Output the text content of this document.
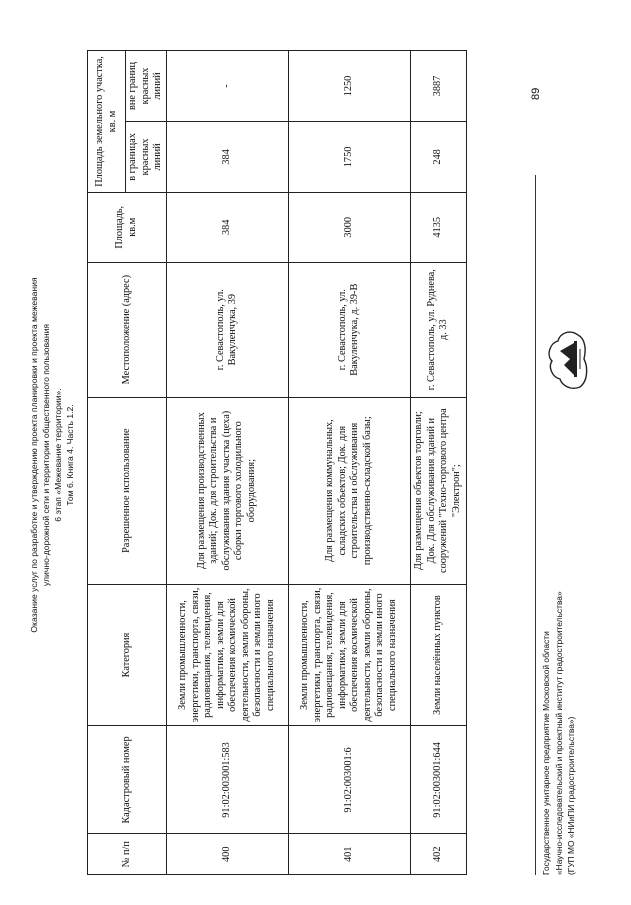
Оказание услуг по разработке и утверждению проекта планировки и проекта межевания улично-дорожной сети и территории общественного пользования 6 этап «Межевание территории». Том 6. Книга 4. Часть 1.2.
89
№ п/п	Кадастровый номер	Категория	Разрешенное использование	Местоположение (адрес)	Площадь, кв.м	Площадь земельного участка, кв. м	
						в границах красных линий	вне границ красных линий
400	91:02:003001:583	Земли промышленности, энергетики, транспорта, связи, радиовещания, телевидения, информатики, земли для обеспечения космической деятельности, земли обороны, безопасности и земли иного специального назначения	Для размещения производственных зданий; Док. для строительства и обслуживания здания участка (цеха) сборки торгового холодильного оборудования;	г. Севастополь, ул. Вакуленчука, 39	384	384	-
401	91:02:003001:6	Земли промышленности, энергетики, транспорта, связи, радиовещания, телевидения, информатики, земли для обеспечения космической деятельности, земли обороны, безопасности и земли иного специального назначения	Для размещения коммунальных, складских объектов; Док. для строительства и обслуживания производственно-складской базы;	г. Севастополь, ул. Вакуленчука, д. 39-В	3000	1750	1250
402	91:02:003001:644	Земли населённых пунктов	Для размещения объектов торговли; Док. Для обслуживания зданий и сооружений "Технo-торгового центра "Электрон";	г. Севастополь, ул. Руднева, д. 33	4135	248	3887
Государственное унитарное предприятие Московской области «Научно-исследовательский и проектный институт градостроительства» (ГУП МО «НИиПИ градостроительства»)
